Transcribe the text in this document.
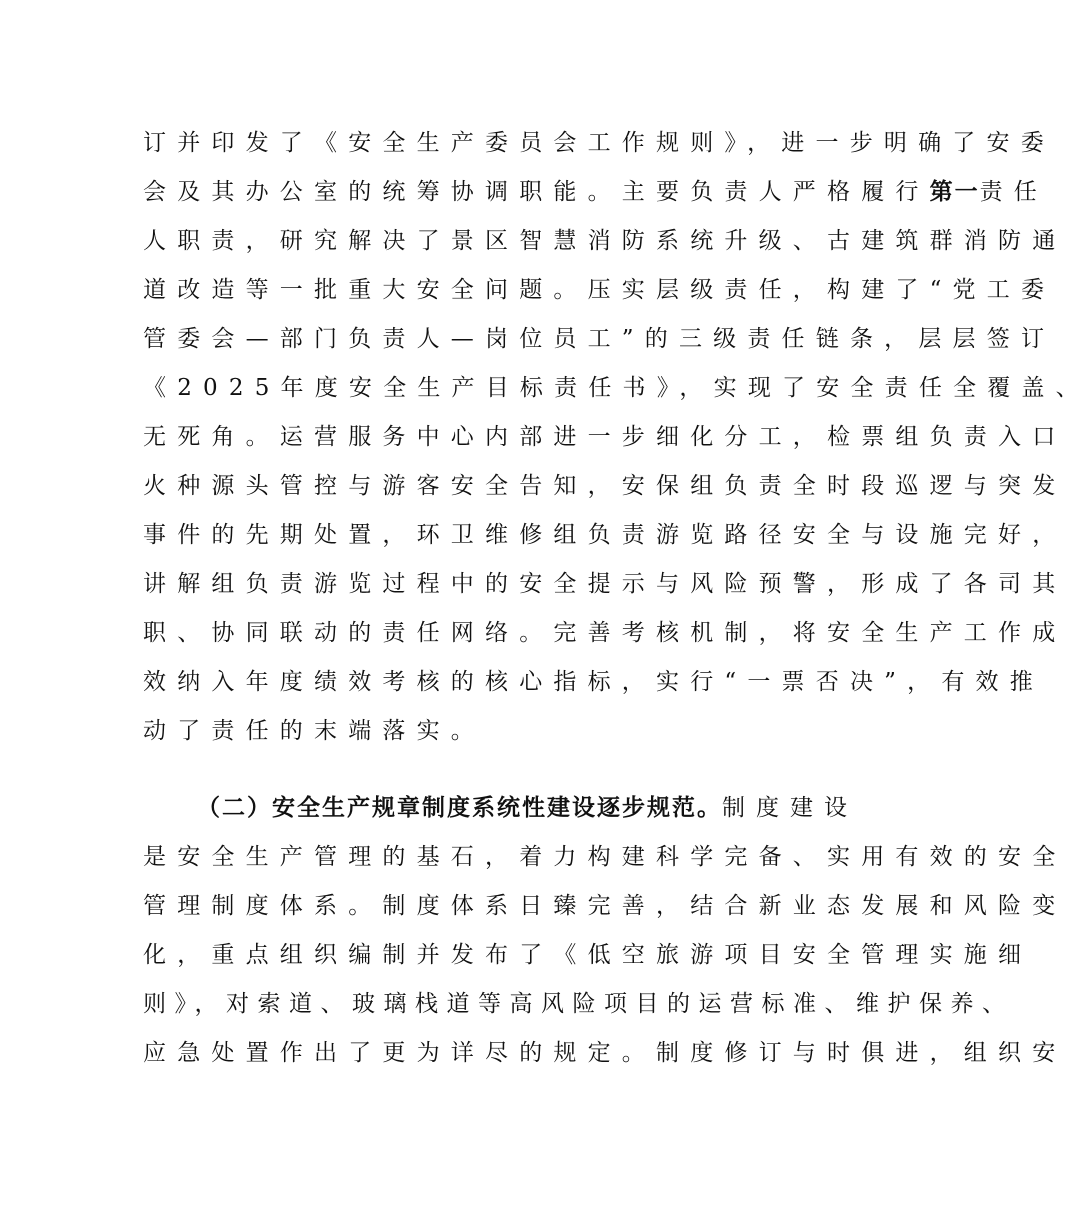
订并印发了《安全生产委员会工作规则》，进一步明确了安委
会及其办公室的统筹协调职能。主要负责人严格履行第一责任
人职责，研究解决了景区智慧消防系统升级、古建筑群消防通
道改造等一批重大安全问题。压实层级责任，构建了“党工委
管委会—部门负责人—岗位员工”的三级责任链条，层层签订
《2025年度安全生产目标责任书》，实现了安全责任全覆盖、
无死角。运营服务中心内部进一步细化分工，检票组负责入口
火种源头管控与游客安全告知，安保组负责全时段巡逻与突发
事件的先期处置，环卫维修组负责游览路径安全与设施完好，
讲解组负责游览过程中的安全提示与风险预警，形成了各司其
职、协同联动的责任网络。完善考核机制，将安全生产工作成
效纳入年度绩效考核的核心指标，实行“一票否决”，有效推
动了责任的末端落实。
（二）安全生产规章制度系统性建设逐步规范。制度建设
是安全生产管理的基石，着力构建科学完备、实用有效的安全
管理制度体系。制度体系日臻完善，结合新业态发展和风险变
化，重点组织编制并发布了《低空旅游项目安全管理实施细
则》，对索道、玻璃栈道等高风险项目的运营标准、维护保养、
应急处置作出了更为详尽的规定。制度修订与时俱进，组织安
